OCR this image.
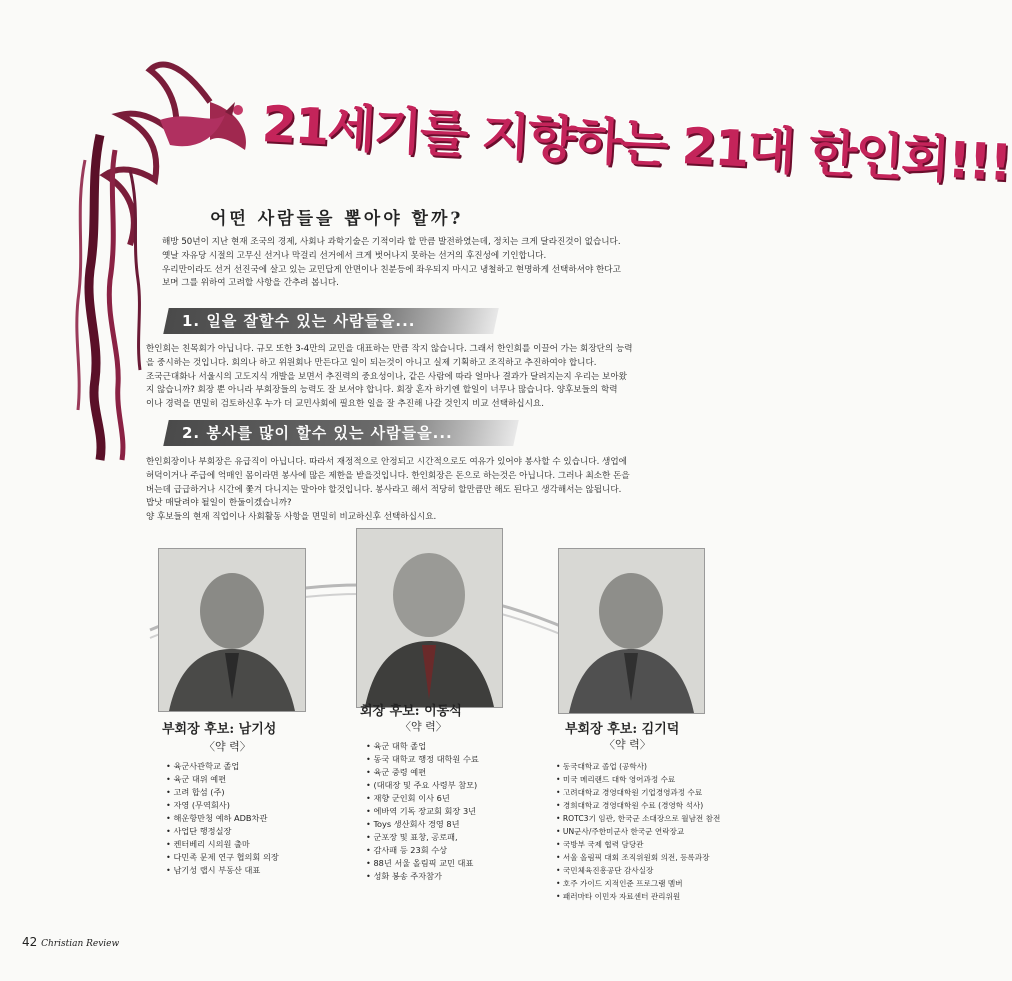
21세기를 지향하는 21대 한인회!!!
어떤 사람들을 뽑아야 할까?

해방 50년이 지난 현재 조국의 경제, 사회나 과학기술은 기적이라 할 만큼 발전하였는데, 정치는 크게 달라진것이 없습니다.

옛날 자유당 시절의 고무신 선거나 막걸리 선거에서 크게 벗어나지 못하는 선거의 후진성에 기인합니다.

우리만이라도 선거 선진국에 살고 있는 교민답게 안면이나 친분등에 좌우되지 마시고 냉철하고 현명하게 선택하셔야 한다고

보며 그를 위하여 고려할 사항을 간추려 봅니다.

1. 일을 잘할수 있는 사람들을...

한인회는 친목회가 아닙니다. 규모 또한 3-4만의 교민을 대표하는 만큼 작지 않습니다. 그래서 한인회를 이끌어 가는 회장단의 능력

을 중시하는 것입니다. 회의나 하고 위원회나 만든다고 일이 되는것이 아니고 실제 기획하고 조직하고 추진하여야 합니다.

조국근대화나 서울시의 고도지식 개발을 보면서 추진력의 중요성이나, 같은 사람에 따라 얼마나 결과가 달려지는지 우리는 보아왔

지 않습니까? 회장 뿐 아니라 부회장들의 능력도 잘 보셔야 합니다. 회장 혼자 하기엔 할일이 너무나 많습니다. 양후보들의 학력

이나 경력을 면밀히 검토하신후 누가 더 교민사회에 필요한 일을 잘 추진해 나갈 것인지 비교 선택하십시요.

2. 봉사를 많이 할수 있는 사람들을...

한인회장이나 부회장은 유급직이 아닙니다. 따라서 재정적으로 안정되고 시간적으로도 여유가 있어야 봉사할 수 있습니다. 생업에

허덕이거나 주급에 억매인 몸이라면 봉사에 많은 제한을 받을것입니다. 한인회장은 돈으로 하는것은 아닙니다. 그러나 최소한 돈을

버는데 급급하거나 시간에 쫓겨 다니지는 말아야 할것입니다. 봉사라고 해서 적당히 할만큼만 해도 된다고 생각해서는 않됩니다.

밥낫 매달려야 될일이 한둘이겠습니까?

양 후보들의 현재 직업이나 사회활동 사항을 면밀히 비교하신후 선택하십시요.

부회장 후보: 남기성
〈약 력〉
회장 후보: 이동석
〈약 력〉	부회장 후보: 김기덕
〈약 력〉
• 육군사관학교 졸업
• 육군 대위 예편
• 고려 합섬 (주)
• 자영 (무역회사)
• 해운항만청 예하 ADB차관
• 사업단 행정실장
• 켄터베리 시의원 출마
• 다민족 문제 연구 협의회 의장
• 남기성 랩시 부동산 대표
• 육군 대학 졸업
• 동국 대학교 행정 대학원 수료
• 육군 중령 예편
• (대대장 및 주요 사령부 참모)
• 재향 군인회 이사 6년
• 에바역 기독 장교회 회장 3년
• Toys 생산회사 경영 8년
• 군포장 및 표창, 공로패,
• 감사패 등 23회 수상
• 88년 서울 올림픽 교민 대표
• 성화 봉송 주자참가
• 동국대학교 졸업 (공학사)
• 미국 메리랜드 대학 영어과정 수료
• 고려대학교 경영대학원 기업경영과정 수료
• 경희대학교 경영대학원 수료 (경영학 석사)
• ROTC3기 임관, 한국군 소대장으로 월남전 참전
• UN군사/주한미군사 한국군 연락장교
• 국방부 국제 협력 담당관
• 서울 올림픽 대회 조직위원회 의전, 등록과장
• 국민체육진흥공단 감사실장
• 호주 가이드 지적인준 프로그램 멤버
• 패러마타 이민자 자료센터 관리위원
42 Christian Review
